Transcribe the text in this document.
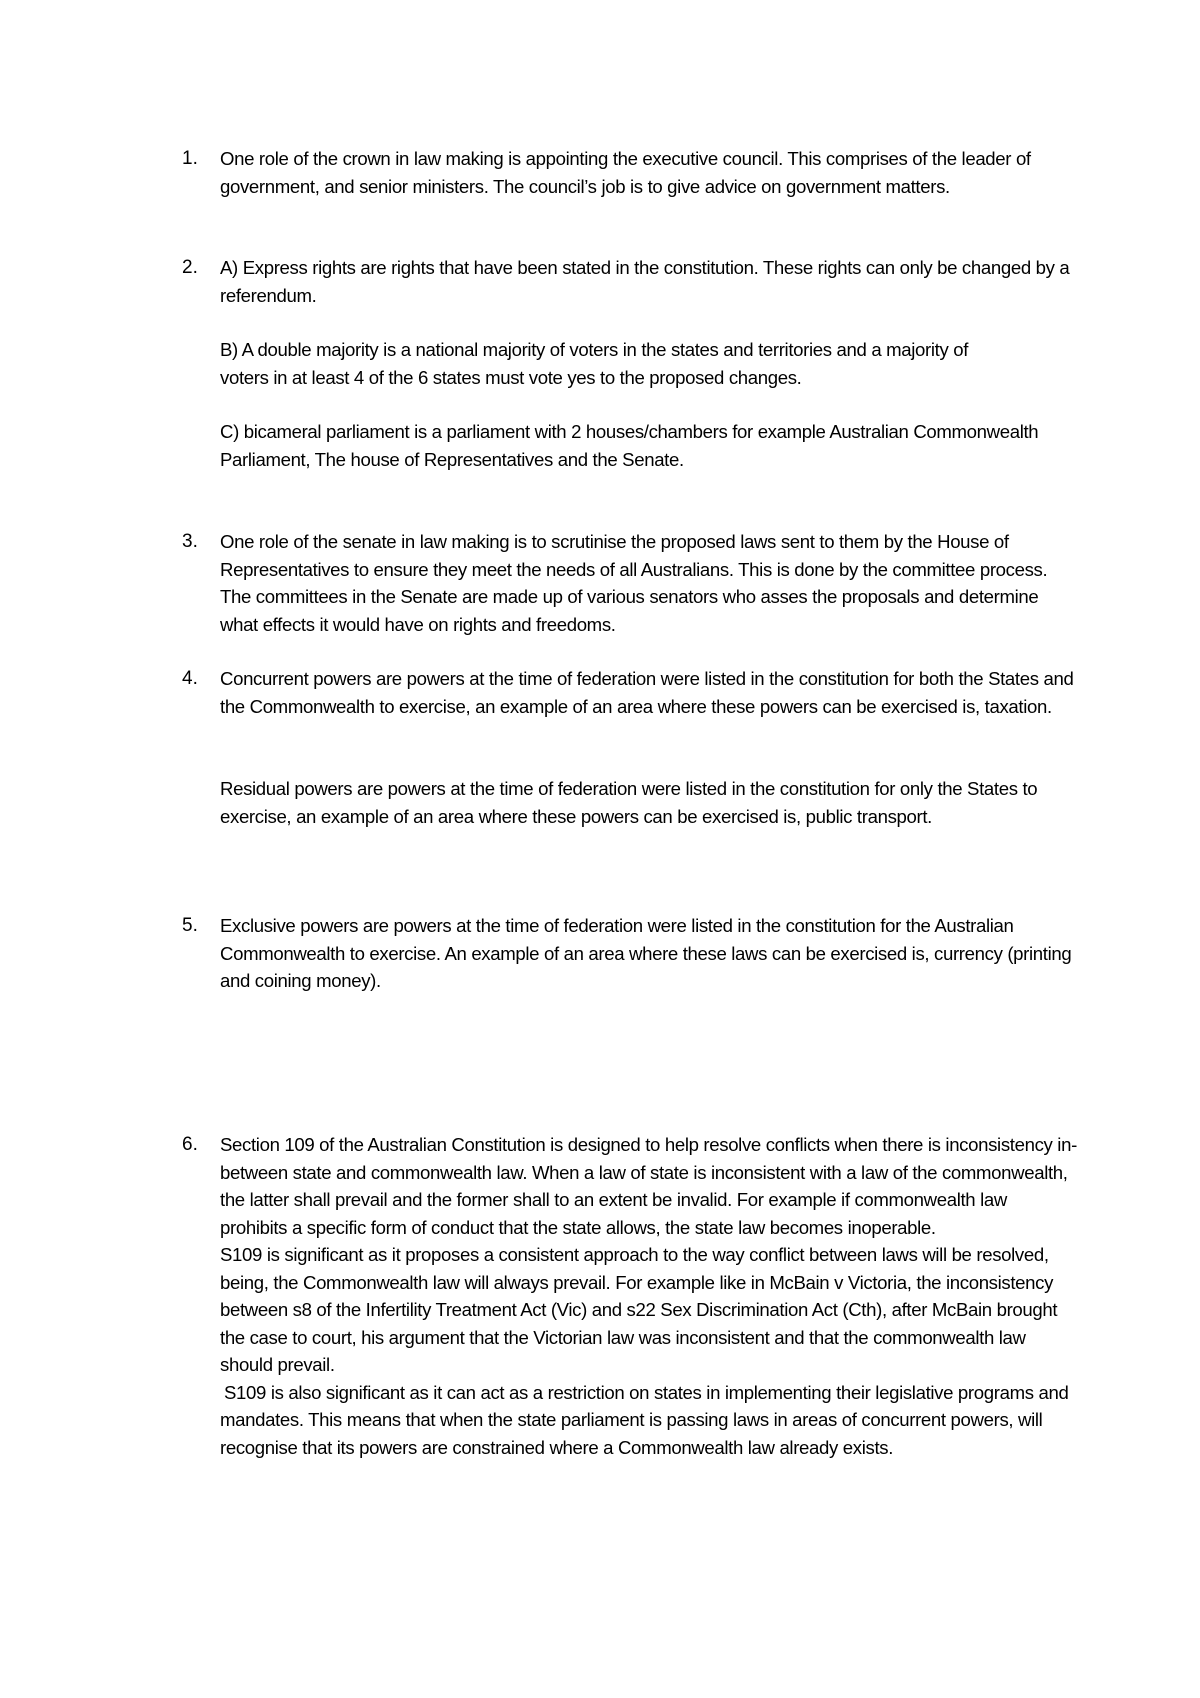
1.	One role of the crown in law making is appointing the executive council. This comprises of the leader of government, and senior ministers. The council’s job is to give advice on government matters.

2.	A) Express rights are rights that have been stated in the constitution. These rights can only be changed by a referendum.

B) A double majority is a national majority of voters in the states and territories and a majority of voters in at least 4 of the 6 states must vote yes to the proposed changes.

C) bicameral parliament is a parliament with 2 houses/chambers for example Australian Commonwealth Parliament, The house of Representatives and the Senate.

3.	One role of the senate in law making is to scrutinise the proposed laws sent to them by the House of Representatives to ensure they meet the needs of all Australians. This is done by the committee process. The committees in the Senate are made up of various senators who asses the proposals and determine what effects it would have on rights and freedoms.

4.	Concurrent powers are powers at the time of federation were listed in the constitution for both the States and the Commonwealth to exercise, an example of an area where these powers can be exercised is, taxation.

Residual powers are powers at the time of federation were listed in the constitution for only the States to exercise, an example of an area where these powers can be exercised is, public transport.

5.	Exclusive powers are powers at the time of federation were listed in the constitution for the Australian Commonwealth to exercise. An example of an area where these laws can be exercised is, currency (printing and coining money).

6.	Section 109 of the Australian Constitution is designed to help resolve conflicts when there is inconsistency in-between state and commonwealth law. When a law of state is inconsistent with a law of the commonwealth, the latter shall prevail and the former shall to an extent be invalid. For example if commonwealth law prohibits a specific form of conduct that the state allows, the state law becomes inoperable.

S109 is significant as it proposes a consistent approach to the way conflict between laws will be resolved, being, the Commonwealth law will always prevail. For example like in McBain v Victoria, the inconsistency between s8 of the Infertility Treatment Act (Vic) and s22 Sex Discrimination Act (Cth), after McBain brought the case to court, his argument that the Victorian law was inconsistent and that the commonwealth law should prevail.

S109 is also significant as it can act as a restriction on states in implementing their legislative programs and mandates. This means that when the state parliament is passing laws in areas of concurrent powers, will recognise that its powers are constrained where a Commonwealth law already exists.
